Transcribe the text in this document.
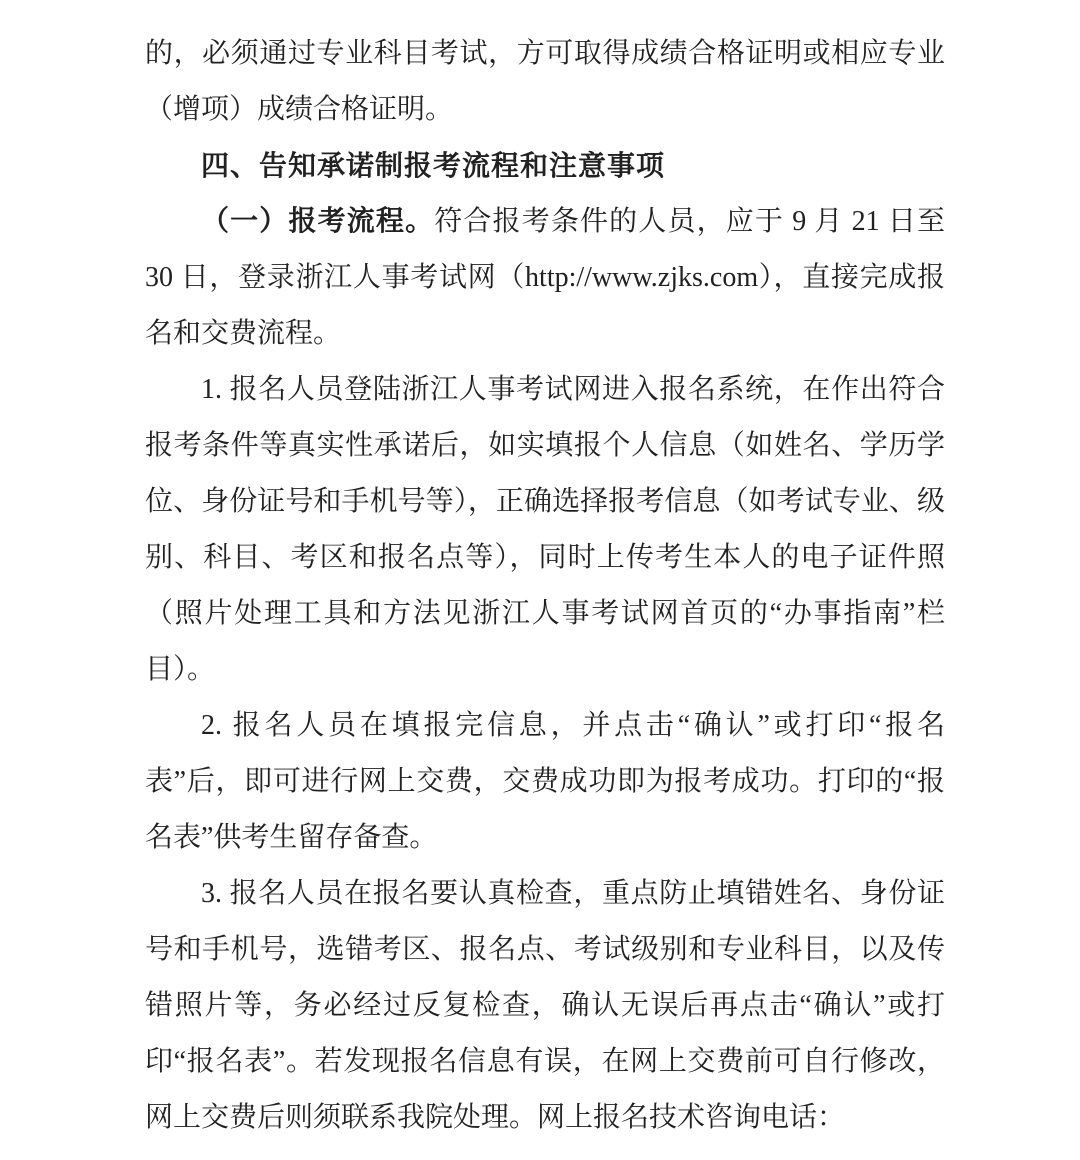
的，必须通过专业科目考试，方可取得成绩合格证明或相应专业（增项）成绩合格证明。

四、告知承诺制报考流程和注意事项

（一）报考流程。符合报考条件的人员，应于 9 月 21 日至 30 日，登录浙江人事考试网（http://www.zjks.com），直接完成报名和交费流程。

1. 报名人员登陆浙江人事考试网进入报名系统，在作出符合报考条件等真实性承诺后，如实填报个人信息（如姓名、学历学位、身份证号和手机号等），正确选择报考信息（如考试专业、级别、科目、考区和报名点等），同时上传考生本人的电子证件照（照片处理工具和方法见浙江人事考试网首页的“办事指南”栏目）。

2. 报名人员在填报完信息，并点击“确认”或打印“报名表”后，即可进行网上交费，交费成功即为报考成功。打印的“报名表”供考生留存备查。

3. 报名人员在报名要认真检查，重点防止填错姓名、身份证号和手机号，选错考区、报名点、考试级别和专业科目，以及传错照片等，务必经过反复检查，确认无误后再点击“确认”或打印“报名表”。若发现报名信息有误，在网上交费前可自行修改，网上交费后则须联系我院处理。网上报名技术咨询电话：
